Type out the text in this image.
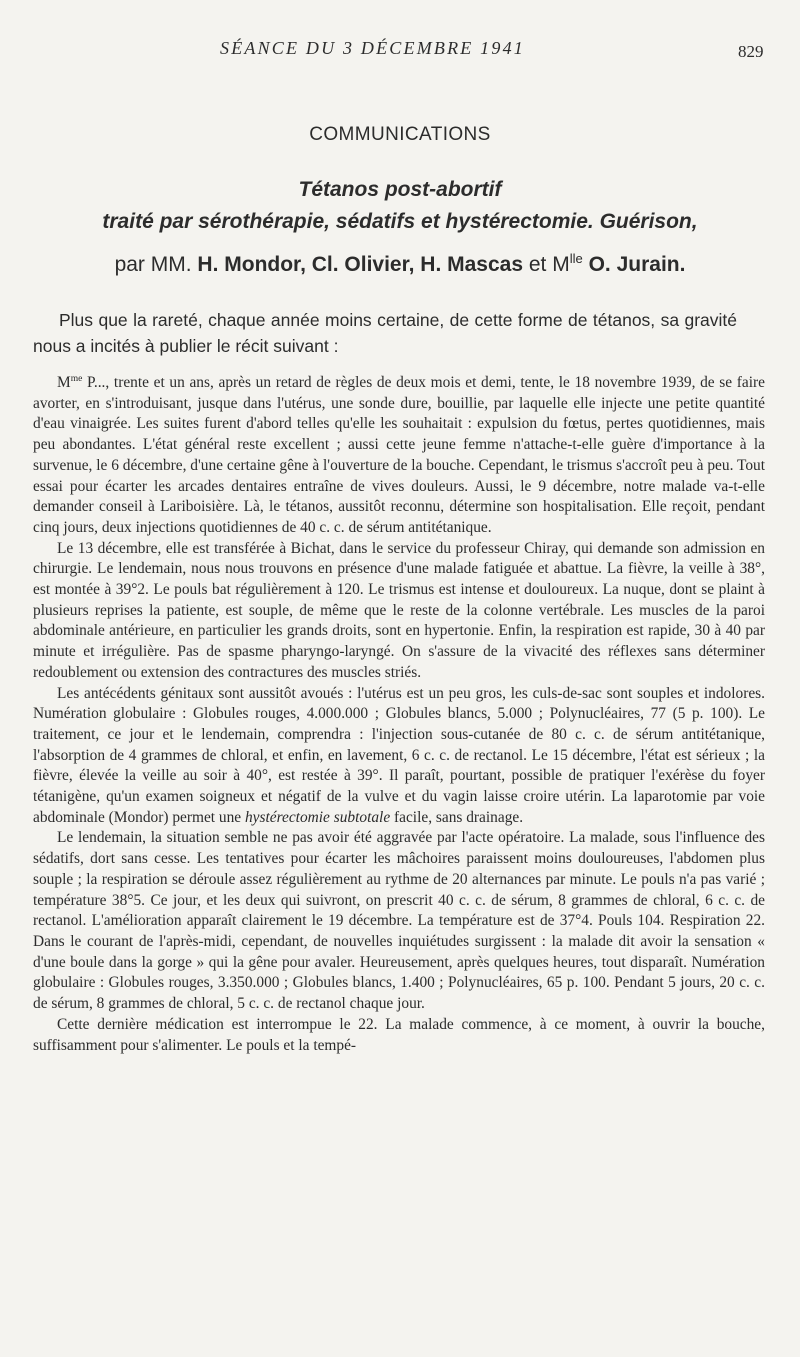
SÉANCE DU 3 DÉCEMBRE 1941	829
COMMUNICATIONS
Tétanos post-abortif
traité par sérothérapie, sédatifs et hystérectomie. Guérison,
par MM. H. Mondor, Cl. Olivier, H. Mascas et $M^{lle}$ O. Jurain.
Plus que la rareté, chaque année moins certaine, de cette forme de tétanos, sa gravité nous a incités à publier le récit suivant :

$M^{me}$ P..., trente et un ans, après un retard de règles de deux mois et demi, tente, le 18 novembre 1939, de se faire avorter, en s'introduisant, jusque dans l'utérus, une sonde dure, bouillie, par laquelle elle injecte une petite quantité d'eau vinaigrée. Les suites furent d'abord telles qu'elle les souhaitait : expulsion du fœtus, pertes quotidiennes, mais peu abondantes. L'état général reste excellent ; aussi cette jeune femme n'attache-t-elle guère d'importance à la survenue, le 6 décembre, d'une certaine gêne à l'ouverture de la bouche. Cependant, le trismus s'accroît peu à peu. Tout essai pour écarter les arcades dentaires entraîne de vives douleurs. Aussi, le 9 décembre, notre malade va-t-elle demander conseil à Lariboisière. Là, le tétanos, aussitôt reconnu, détermine son hospitalisation. Elle reçoit, pendant cinq jours, deux injections quotidiennes de 40 c. c. de sérum antitétanique.

Le 13 décembre, elle est transférée à Bichat, dans le service du professeur Chiray, qui demande son admission en chirurgie. Le lendemain, nous nous trouvons en présence d'une malade fatiguée et abattue. La fièvre, la veille à 38°, est montée à 39°2. Le pouls bat régulièrement à 120. Le trismus est intense et douloureux. La nuque, dont se plaint à plusieurs reprises la patiente, est souple, de même que le reste de la colonne vertébrale. Les muscles de la paroi abdominale antérieure, en particulier les grands droits, sont en hypertonie. Enfin, la respiration est rapide, 30 à 40 par minute et irrégulière. Pas de spasme pharyngo-laryngé. On s'assure de la vivacité des réflexes sans déterminer redoublement ou extension des contractures des muscles striés.

Les antécédents génitaux sont aussitôt avoués : l'utérus est un peu gros, les culs-de-sac sont souples et indolores. Numération globulaire : Globules rouges, 4.000.000 ; Globules blancs, 5.000 ; Polynucléaires, 77 (5 p. 100). Le traitement, ce jour et le lendemain, comprendra : l'injection sous-cutanée de 80 c. c. de sérum antitétanique, l'absorption de 4 grammes de chloral, et enfin, en lavement, 6 c. c. de rectanol. Le 15 décembre, l'état est sérieux ; la fièvre, élevée la veille au soir à 40°, est restée à 39°. Il paraît, pourtant, possible de pratiquer l'exérèse du foyer tétanigène, qu'un examen soigneux et négatif de la vulve et du vagin laisse croire utérin. La laparotomie par voie abdominale (Mondor) permet une hystérectomie subtotale facile, sans drainage.

Le lendemain, la situation semble ne pas avoir été aggravée par l'acte opératoire. La malade, sous l'influence des sédatifs, dort sans cesse. Les tentatives pour écarter les mâchoires paraissent moins douloureuses, l'abdomen plus souple ; la respiration se déroule assez régulièrement au rythme de 20 alternances par minute. Le pouls n'a pas varié ; température 38°5. Ce jour, et les deux qui suivront, on prescrit 40 c. c. de sérum, 8 grammes de chloral, 6 c. c. de rectanol. L'amélioration apparaît clairement le 19 décembre. La température est de 37°4. Pouls 104. Respiration 22. Dans le courant de l'après-midi, cependant, de nouvelles inquiétudes surgissent : la malade dit avoir la sensation « d'une boule dans la gorge » qui la gêne pour avaler. Heureusement, après quelques heures, tout disparaît. Numération globulaire : Globules rouges, 3.350.000 ; Globules blancs, 1.400 ; Polynucléaires, 65 p. 100. Pendant 5 jours, 20 c. c. de sérum, 8 grammes de chloral, 5 c. c. de rectanol chaque jour.

Cette dernière médication est interrompue le 22. La malade commence, à ce moment, à ouvrir la bouche, suffisamment pour s'alimenter. Le pouls et la tempé-
